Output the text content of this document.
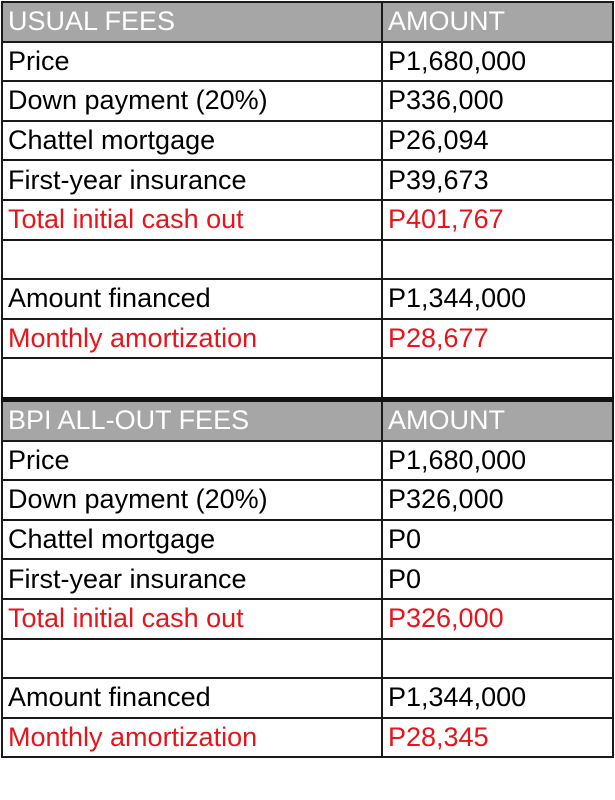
USUAL FEES	AMOUNT
Price	P1,680,000
Down payment (20%)	P336,000
Chattel mortgage	P26,094
First-year insurance	P39,673
Total initial cash out	P401,767

Amount financed	P1,344,000
Monthly amortization	P28,677

BPI ALL-OUT FEES	AMOUNT
Price	P1,680,000
Down payment (20%)	P326,000
Chattel mortgage	P0
First-year insurance	P0
Total initial cash out	P326,000

Amount financed	P1,344,000
Monthly amortization	P28,345
